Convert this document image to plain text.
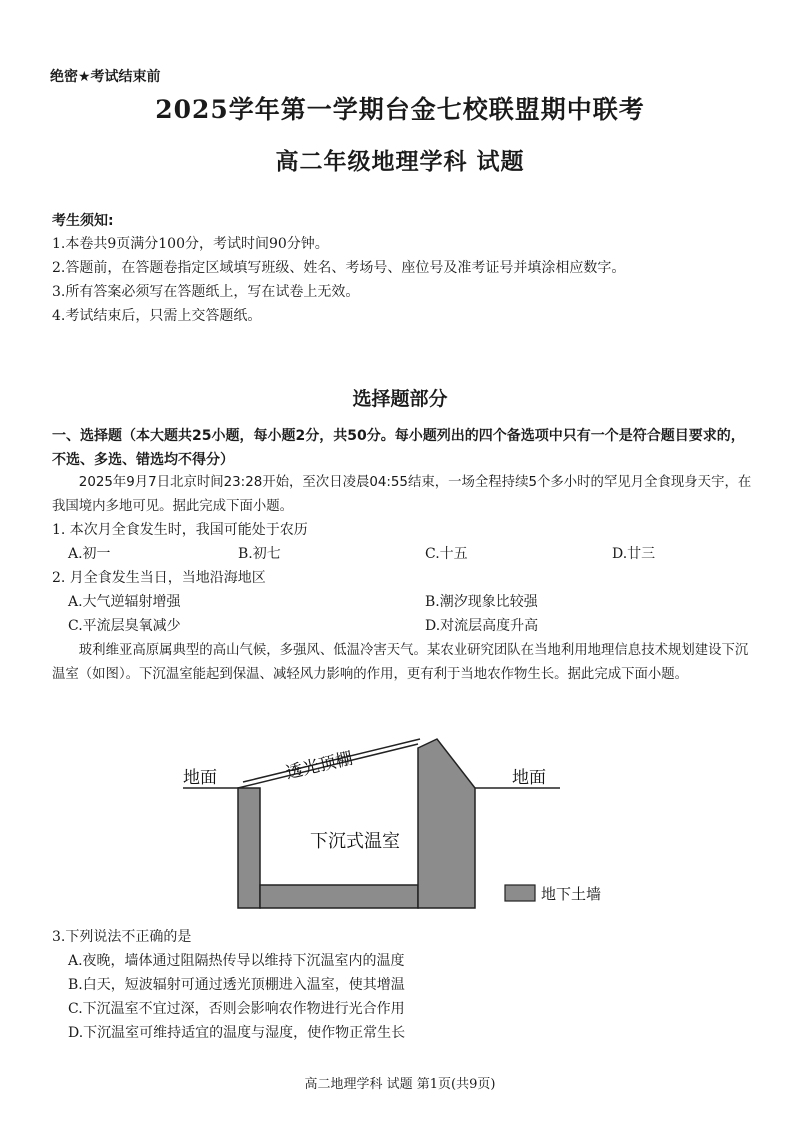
绝密★考试结束前
2025学年第一学期台金七校联盟期中联考
高二年级地理学科 试题
考生须知:
1.本卷共9页满分100分，考试时间90分钟。
2.答题前，在答题卷指定区域填写班级、姓名、考场号、座位号及准考证号并填涂相应数字。
3.所有答案必须写在答题纸上，写在试卷上无效。
4.考试结束后，只需上交答题纸。
选择题部分
一、选择题（本大题共25小题，每小题2分，共50分。每小题列出的四个备选项中只有一个是符合题目要求的，不选、多选、错选均不得分）
2025年9月7日北京时间23:28开始，至次日凌晨04:55结束，一场全程持续5个多小时的罕见月全食现身天宇，在我国境内多地可见。据此完成下面小题。
1. 本次月全食发生时，我国可能处于农历
A.初一	B.初七	C.十五	D.廿三
2. 月全食发生当日，当地沿海地区
A.大气逆辐射增强	B.潮汐现象比较强
C.平流层臭氧减少	D.对流层高度升高
玻利维亚高原属典型的高山气候，多强风、低温冷害天气。某农业研究团队在当地利用地理信息技术规划建设下沉温室（如图）。下沉温室能起到保温、减轻风力影响的作用，更有利于当地农作物生长。据此完成下面小题。
透光顶棚
地面	地面
下沉式温室
地下土墙
3.下列说法不正确的是
A.夜晚，墙体通过阻隔热传导以维持下沉温室内的温度
B.白天，短波辐射可通过透光顶棚进入温室，使其增温
C.下沉温室不宜过深，否则会影响农作物进行光合作用
D.下沉温室可维持适宜的温度与湿度，使作物正常生长
高二地理学科 试题 第1页(共9页)
